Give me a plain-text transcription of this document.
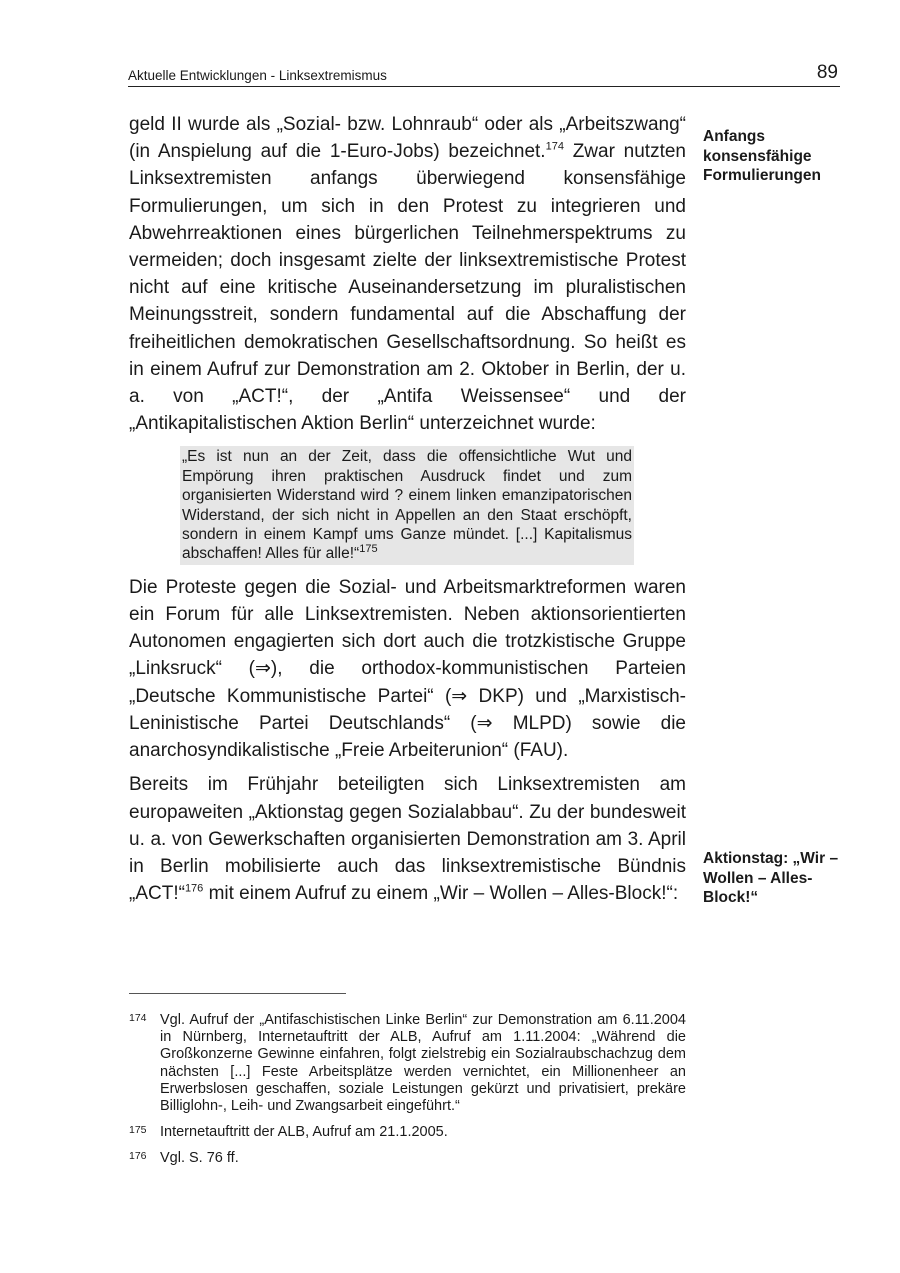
Aktuelle Entwicklungen - Linksextremismus	89

geld II wurde als „Sozial- bzw. Lohnraub“ oder als „Arbeitszwang“ (in Anspielung auf die 1-Euro-Jobs) bezeichnet.$^{174}$ Zwar nutzten Linksextremisten anfangs überwiegend konsensfähige Formulierungen, um sich in den Protest zu integrieren und Abwehrreaktionen eines bürgerlichen Teilnehmerspektrums zu vermeiden; doch insgesamt zielte der linksextremistische Protest nicht auf eine kritische Auseinandersetzung im pluralistischen Meinungsstreit, sondern fundamental auf die Abschaffung der freiheitlichen demokratischen Gesellschaftsordnung. So heißt es in einem Aufruf zur Demonstration am 2. Oktober in Berlin, der u. a. von „ACT!“, der „Antifa Weissensee“ und der „Antikapitalistischen Aktion Berlin“ unterzeichnet wurde:

„Es ist nun an der Zeit, dass die offensichtliche Wut und Empörung ihren praktischen Ausdruck findet und zum organisierten Widerstand wird ? einem linken emanzipatorischen Widerstand, der sich nicht in Appellen an den Staat erschöpft, sondern in einem Kampf ums Ganze mündet. [...] Kapitalismus abschaffen! Alles für alle!“$^{175}$

Die Proteste gegen die Sozial- und Arbeitsmarktreformen waren ein Forum für alle Linksextremisten. Neben aktionsorientierten Autonomen engagierten sich dort auch die trotzkistische Gruppe „Linksruck“ (⇒), die orthodox-kommunistischen Parteien „Deutsche Kommunistische Partei“ (⇒ DKP) und „Marxistisch-Leninistische Partei Deutschlands“ (⇒ MLPD) sowie die anarchosyndikalistische „Freie Arbeiterunion“ (FAU).

Bereits im Frühjahr beteiligten sich Linksextremisten am europaweiten „Aktionstag gegen Sozialabbau“. Zu der bundesweit u. a. von Gewerkschaften organisierten Demonstration am 3. April in Berlin mobilisierte auch das linksextremistische Bündnis „ACT!“$^{176}$ mit einem Aufruf zu einem „Wir – Wollen – Alles-Block!“:

Anfangs konsensfähige Formulierungen
Aktionstag: „Wir – Wollen – Alles-Block!“
174 Vgl. Aufruf der „Antifaschistischen Linke Berlin“ zur Demonstration am 6.11.2004 in Nürnberg, Internetauftritt der ALB, Aufruf am 1.11.2004: „Während die Großkonzerne Gewinne einfahren, folgt zielstrebig ein Sozialraubschachzug dem nächsten [...] Feste Arbeitsplätze werden vernichtet, ein Millionenheer an Erwerbslosen geschaffen, soziale Leistungen gekürzt und privatisiert, prekäre Billiglohn-, Leih- und Zwangsarbeit eingeführt.“
175 Internetauftritt der ALB, Aufruf am 21.1.2005.
176 Vgl. S. 76 ff.
